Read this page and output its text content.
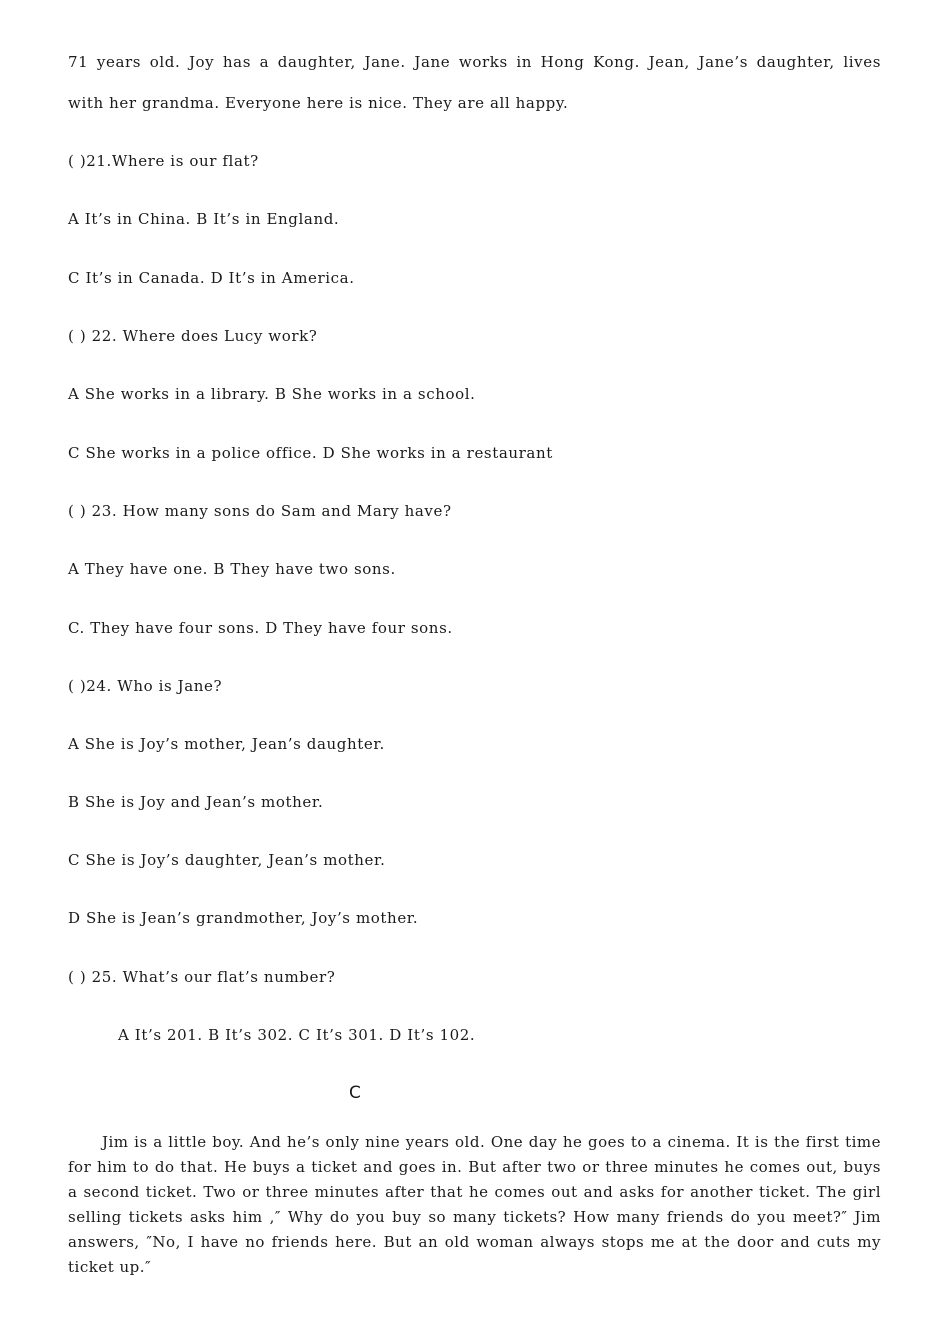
71 years old. Joy has a daughter, Jane. Jane works in Hong Kong. Jean, Jane’s daughter, lives
with her grandma. Everyone here is nice. They are all happy.
( )21.Where is our flat?
A It’s in China. B It’s in England.
C It’s in Canada. D It’s in America.
( ) 22. Where does Lucy work?
A She works in a library. B She works in a school.
C She works in a police office. D She works in a restaurant
( ) 23. How many sons do Sam and Mary have?
A They have one. B They have two sons.
C. They have four sons. D They have four sons.
( )24. Who is Jane?
A She is Joy’s mother, Jean’s daughter.
B She is Joy and Jean’s mother.
C She is Joy’s daughter, Jean’s mother.
D She is Jean’s grandmother, Joy’s mother.
( ) 25. What’s our flat’s number?
A It’s 201. B It’s 302. C It’s 301. D It’s 102.
C
Jim is a little boy. And he’s only nine years old. One day he goes to a cinema. It is the first time for him to do that. He buys a ticket and goes in. But after two or three minutes he comes out, buys a second ticket. Two or three minutes after that he comes out and asks for another ticket. The girl selling tickets asks him ,″ Why do you buy so many tickets? How many friends do you meet?″ Jim answers, ″No, I have no friends here. But an old woman always stops me at the door and cuts my ticket up.″
